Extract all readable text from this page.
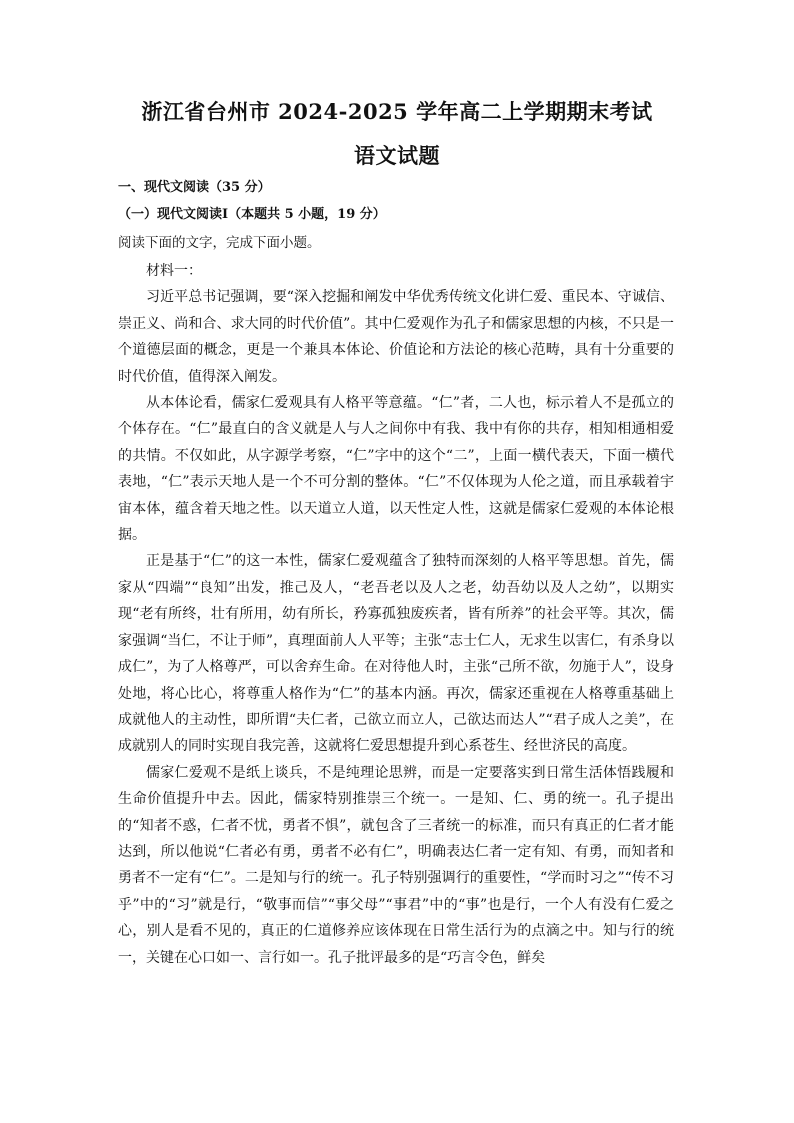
浙江省台州市 2024-2025 学年高二上学期期末考试
语文试题
一、现代文阅读（35 分）
（一）现代文阅读Ⅰ（本题共 5 小题，19 分）
阅读下面的文字，完成下面小题。

材料一：

习近平总书记强调，要“深入挖掘和阐发中华优秀传统文化讲仁爱、重民本、守诚信、崇正义、尚和合、求大同的时代价值”。其中仁爱观作为孔子和儒家思想的内核，不只是一个道德层面的概念，更是一个兼具本体论、价值论和方法论的核心范畴，具有十分重要的时代价值，值得深入阐发。

从本体论看，儒家仁爱观具有人格平等意蕴。“仁”者，二人也，标示着人不是孤立的个体存在。“仁”最直白的含义就是人与人之间你中有我、我中有你的共存，相知相通相爱的共情。不仅如此，从字源学考察，“仁”字中的这个“二”，上面一横代表天，下面一横代表地，“仁”表示天地人是一个不可分割的整体。“仁”不仅体现为人伦之道，而且承载着宇宙本体，蕴含着天地之性。以天道立人道，以天性定人性，这就是儒家仁爱观的本体论根据。

正是基于“仁”的这一本性，儒家仁爱观蕴含了独特而深刻的人格平等思想。首先，儒家从“四端”“良知”出发，推己及人，“老吾老以及人之老，幼吾幼以及人之幼”，以期实现“老有所终，壮有所用，幼有所长，矜寡孤独废疾者，皆有所养”的社会平等。其次，儒家强调“当仁，不让于师”，真理面前人人平等；主张“志士仁人，无求生以害仁，有杀身以成仁”，为了人格尊严，可以舍弃生命。在对待他人时，主张“己所不欲，勿施于人”，设身处地，将心比心，将尊重人格作为“仁”的基本内涵。再次，儒家还重视在人格尊重基础上成就他人的主动性，即所谓“夫仁者，己欲立而立人，己欲达而达人”“君子成人之美”，在成就别人的同时实现自我完善，这就将仁爱思想提升到心系苍生、经世济民的高度。

儒家仁爱观不是纸上谈兵，不是纯理论思辨，而是一定要落实到日常生活体悟践履和生命价值提升中去。因此，儒家特别推崇三个统一。一是知、仁、勇的统一。孔子提出的“知者不惑，仁者不忧，勇者不惧”，就包含了三者统一的标准，而只有真正的仁者才能达到，所以他说“仁者必有勇，勇者不必有仁”，明确表达仁者一定有知、有勇，而知者和勇者不一定有“仁”。二是知与行的统一。孔子特别强调行的重要性，“学而时习之”“传不习乎”中的“习”就是行，“敬事而信”“事父母”“事君”中的“事”也是行，一个人有没有仁爱之心，别人是看不见的，真正的仁道修养应该体现在日常生活行为的点滴之中。知与行的统一，关键在心口如一、言行如一。孔子批评最多的是“巧言令色，鲜矣
